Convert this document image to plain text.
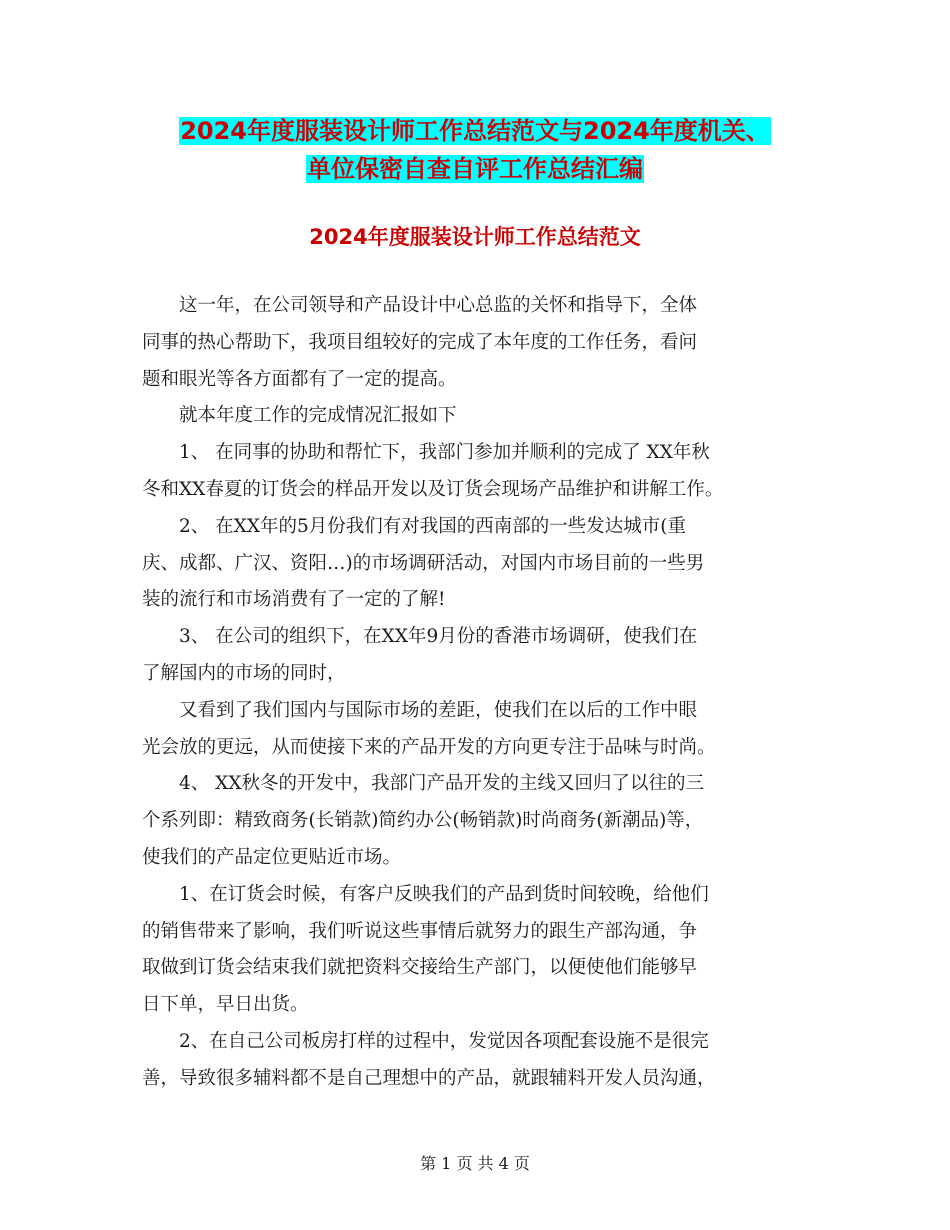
2024年度服装设计师工作总结范文与2024年度机关、
单位保密自查自评工作总结汇编
2024年度服装设计师工作总结范文
　　这一年，在公司领导和产品设计中心总监的关怀和指导下，全体
同事的热心帮助下，我项目组较好的完成了本年度的工作任务，看问
题和眼光等各方面都有了一定的提高。
　　就本年度工作的完成情况汇报如下
　　1、 在同事的协助和帮忙下，我部门参加并顺利的完成了 XX年秋
冬和XX春夏的订货会的样品开发以及订货会现场产品维护和讲解工作。
　　2、 在XX年的5月份我们有对我国的西南部的一些发达城市(重
庆、成都、广汉、资阳…)的市场调研活动，对国内市场目前的一些男
装的流行和市场消费有了一定的了解!
　　3、 在公司的组织下，在XX年9月份的香港市场调研，使我们在
了解国内的市场的同时，
　　又看到了我们国内与国际市场的差距，使我们在以后的工作中眼
光会放的更远，从而使接下来的产品开发的方向更专注于品味与时尚。
　　4、 XX秋冬的开发中，我部门产品开发的主线又回归了以往的三
个系列即：精致商务(长销款)简约办公(畅销款)时尚商务(新潮品)等，
使我们的产品定位更贴近市场。
　　1、在订货会时候，有客户反映我们的产品到货时间较晚，给他们
的销售带来了影响，我们听说这些事情后就努力的跟生产部沟通，争
取做到订货会结束我们就把资料交接给生产部门，以便使他们能够早
日下单，早日出货。
　　2、在自己公司板房打样的过程中，发觉因各项配套设施不是很完
善，导致很多辅料都不是自己理想中的产品，就跟辅料开发人员沟通，
第 1 页 共 4 页
